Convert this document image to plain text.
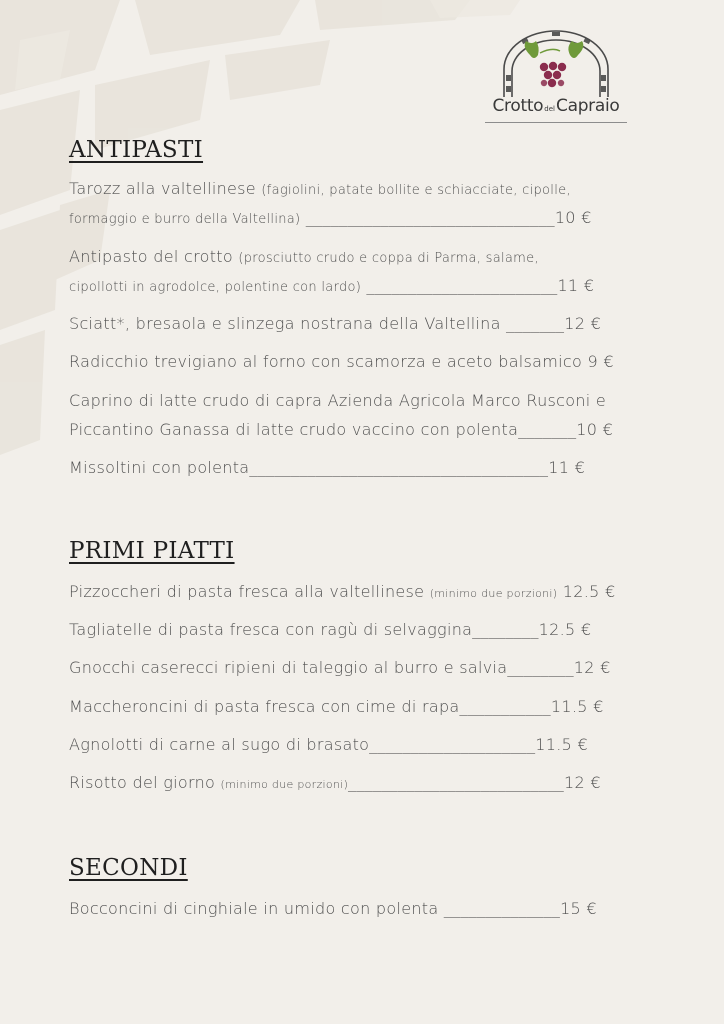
CrottodelCapraio
ANTIPASTI
Tarozz alla valtellinese (fagiolini, patate bollite e schiacciate, cipolle,
formaggio e burro della Valtellina) ______________________________10 €
Antipasto del crotto (prosciutto crudo e coppa di Parma, salame,
cipollotti in agrodolce, polentine con lardo) _______________________11 €
Sciatt*, bresaola e slinzega nostrana della Valtellina _______12 €
Radicchio trevigiano al forno con scamorza e aceto balsamico 9 €
Caprino di latte crudo di capra Azienda Agricola Marco Rusconi e
Piccantino Ganassa di latte crudo vaccino con polenta_______10 €
Missoltini con polenta____________________________________11 €
PRIMI PIATTI
Pizzoccheri di pasta fresca alla valtellinese (minimo due porzioni) 12.5 €
Tagliatelle di pasta fresca con ragù di selvaggina________12.5 €
Gnocchi caserecci ripieni di taleggio al burro e salvia________12 €
Maccheroncini di pasta fresca con cime di rapa___________11.5 €
Agnolotti di carne al sugo di brasato____________________11.5 €
Risotto del giorno (minimo due porzioni)__________________________12 €
SECONDI
Bocconcini di cinghiale in umido con polenta ______________15 €
